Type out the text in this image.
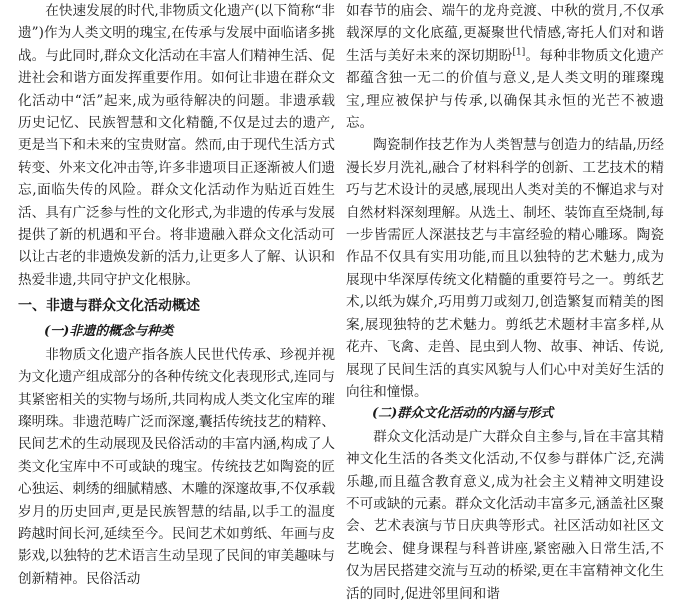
在快速发展的时代,非物质文化遗产(以下简称“非遗”)作为人类文明的瑰宝,在传承与发展中面临诸多挑战。与此同时,群众文化活动在丰富人们精神生活、促进社会和谐方面发挥重要作用。如何让非遗在群众文化活动中“活”起来,成为亟待解决的问题。非遗承载历史记忆、民族智慧和文化精髓,不仅是过去的遗产,更是当下和未来的宝贵财富。然而,由于现代生活方式转变、外来文化冲击等,许多非遗项目正逐渐被人们遗忘,面临失传的风险。群众文化活动作为贴近百姓生活、具有广泛参与性的文化形式,为非遗的传承与发展提供了新的机遇和平台。将非遗融入群众文化活动可以让古老的非遗焕发新的活力,让更多人了解、认识和热爱非遗,共同守护文化根脉。

一、非遗与群众文化活动概述
(一)非遗的概念与种类

非物质文化遗产指各族人民世代传承、珍视并视为文化遗产组成部分的各种传统文化表现形式,连同与其紧密相关的实物与场所,共同构成人类文化宝库的璀璨明珠。非遗范畴广泛而深邃,囊括传统技艺的精粹、民间艺术的生动展现及民俗活动的丰富内涵,构成了人类文化宝库中不可或缺的瑰宝。传统技艺如陶瓷的匠心独运、刺绣的细腻精感、木雕的深邃故事,不仅承载岁月的历史回声,更是民族智慧的结晶,以手工的温度跨越时间长河,延续至今。民间艺术如剪纸、年画与皮影戏,以独特的艺术语言生动呈现了民间的审美趣味与创新精神。民俗活动

如春节的庙会、端午的龙舟竞渡、中秋的赏月,不仅承载深厚的文化底蕴,更凝聚世代情感,寄托人们对和谐生活与美好未来的深切期盼[1]。每种非物质文化遗产都蕴含独一无二的价值与意义,是人类文明的璀璨瑰宝,理应被保护与传承,以确保其永恒的光芒不被遗忘。

陶瓷制作技艺作为人类智慧与创造力的结晶,历经漫长岁月洗礼,融合了材料科学的创新、工艺技术的精巧与艺术设计的灵感,展现出人类对美的不懈追求与对自然材料深刻理解。从选土、制坯、装饰直至烧制,每一步皆需匠人深湛技艺与丰富经验的精心雕琢。陶瓷作品不仅具有实用功能,而且以独特的艺术魅力,成为展现中华深厚传统文化精髓的重要符号之一。剪纸艺术,以纸为媒介,巧用剪刀或刻刀,创造繁复而精美的图案,展现独特的艺术魅力。剪纸艺术题材丰富多样,从花卉、飞禽、走兽、昆虫到人物、故事、神话、传说,展现了民间生活的真实风貌与人们心中对美好生活的向往和憧憬。

(二)群众文化活动的内涵与形式

群众文化活动是广大群众自主参与,旨在丰富其精神文化生活的各类文化活动,不仅参与群体广泛,充满乐趣,而且蕴含教育意义,成为社会主义精神文明建设不可或缺的元素。群众文化活动丰富多元,涵盖社区聚会、艺术表演与节日庆典等形式。社区活动如社区文艺晚会、健身课程与科普讲座,紧密融入日常生活,不仅为居民搭建交流与互动的桥梁,更在丰富精神文化生活的同时,促进邻里间和谐
